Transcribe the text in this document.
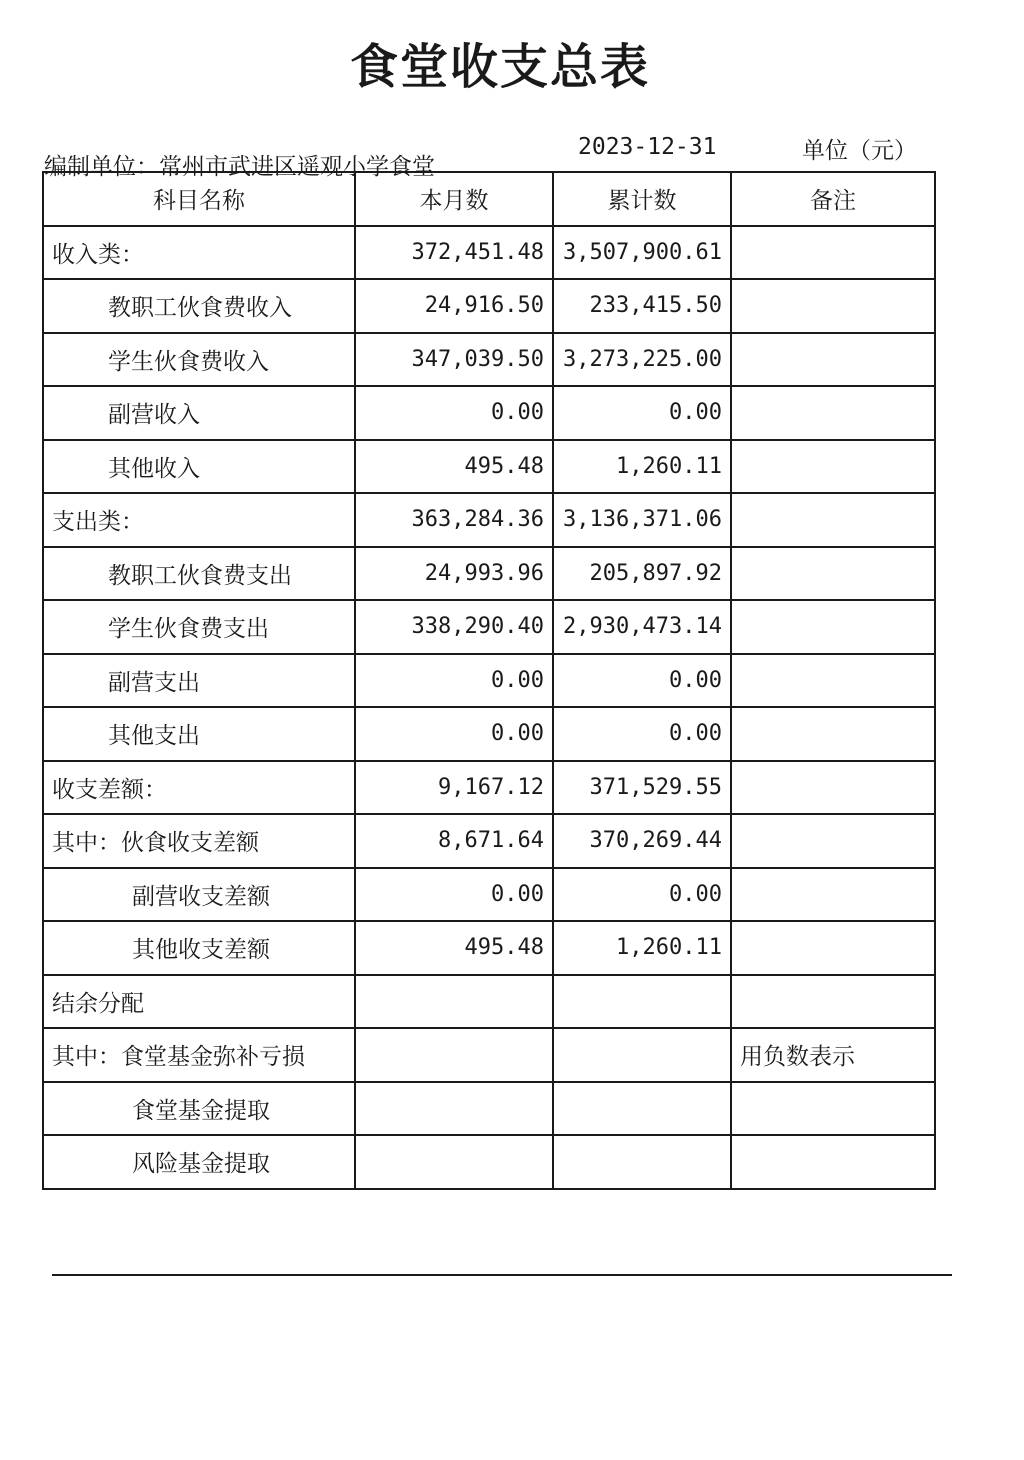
食堂收支总表
编制单位：常州市武进区遥观小学食堂
2023-12-31	单位（元）
科目名称	本月数	累计数	备注
收入类：	372,451.48	3,507,900.61	
教职工伙食费收入	24,916.50	233,415.50	
学生伙食费收入	347,039.50	3,273,225.00	
副营收入	0.00	0.00	
其他收入	495.48	1,260.11	
支出类：	363,284.36	3,136,371.06	
教职工伙食费支出	24,993.96	205,897.92	
学生伙食费支出	338,290.40	2,930,473.14	
副营支出	0.00	0.00	
其他支出	0.00	0.00	
收支差额：	9,167.12	371,529.55	
其中：伙食收支差额	8,671.64	370,269.44	
副营收支差额	0.00	0.00	
其他收支差额	495.48	1,260.11	
结余分配			
其中：食堂基金弥补亏损			用负数表示
食堂基金提取			
风险基金提取			
